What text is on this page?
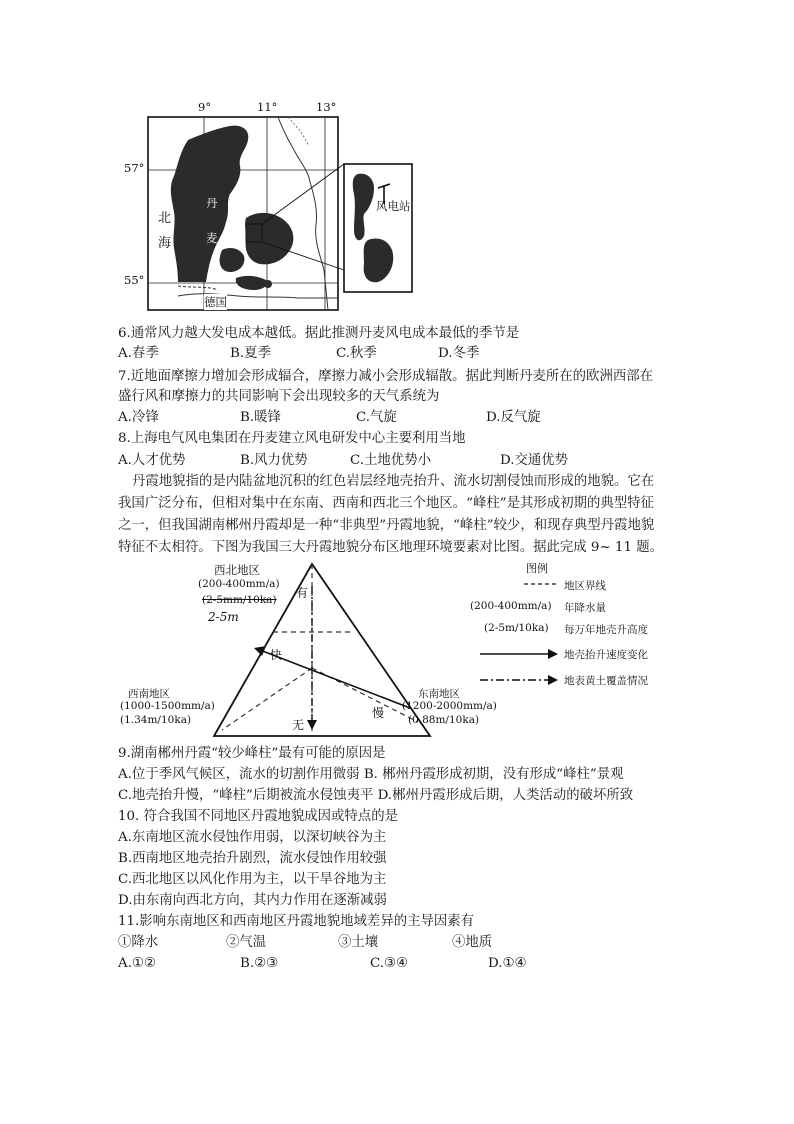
9°	11°	13°
57°
55°
北
海
丹
麦
德国
风电站
6.通常风力越大发电成本越低。据此推测丹麦风电成本最低的季节是
A.春季	B.夏季	C.秋季	D.冬季
7.近地面摩擦力增加会形成辐合，摩擦力减小会形成辐散。据此判断丹麦所在的欧洲西部在
盛行风和摩擦力的共同影响下会出现较多的天气系统为
A.冷锋	B.暖锋	C.气旋	D.反气旋
8.上海电气风电集团在丹麦建立风电研发中心主要利用当地
A.人才优势	B.风力优势	C.土地优势小	D.交通优势
丹霞地貌指的是内陆盆地沉积的红色岩层经地壳抬升、流水切割侵蚀而形成的地貌。它在
我国广泛分布，但相对集中在东南、西南和西北三个地区。“峰柱”是其形成初期的典型特征
之一，但我国湖南郴州丹霞却是一种“非典型”丹霞地貌，“峰柱”较少，和现存典型丹霞地貌
特征不太相符。下图为我国三大丹霞地貌分布区地理环境要素对比图。据此完成 9~ 11 题。
西北地区
(200-400mm/a)
(2-5mm/10ka)
2-5m
有
快
慢
无
西南地区
(1000-1500mm/a)
(1.34m/10ka)
东南地区
(1200-2000mm/a)
(0.88m/10ka)
图例
地区界线
(200-400mm/a) 年降水量
(2-5m/10ka) 每万年地壳升高度
地壳抬升速度变化
地表黄土覆盖情况
9.湖南郴州丹霞“较少峰柱”最有可能的原因是
A.位于季风气候区，流水的切割作用微弱 B. 郴州丹霞形成初期，没有形成“峰柱”景观
C.地壳抬升慢，“峰柱”后期被流水侵蚀夷平 D.郴州丹霞形成后期，人类活动的破坏所致
10. 符合我国不同地区丹霞地貌成因或特点的是
A.东南地区流水侵蚀作用弱，以深切峡谷为主
B.西南地区地壳抬升剧烈，流水侵蚀作用较强
C.西北地区以风化作用为主，以干旱谷地为主
D.由东南向西北方向，其内力作用在逐渐减弱
11.影响东南地区和西南地区丹霞地貌地域差异的主导因素有
①降水	②气温	③土壤	④地质
A.①②	B.②③	C.③④	D.①④
